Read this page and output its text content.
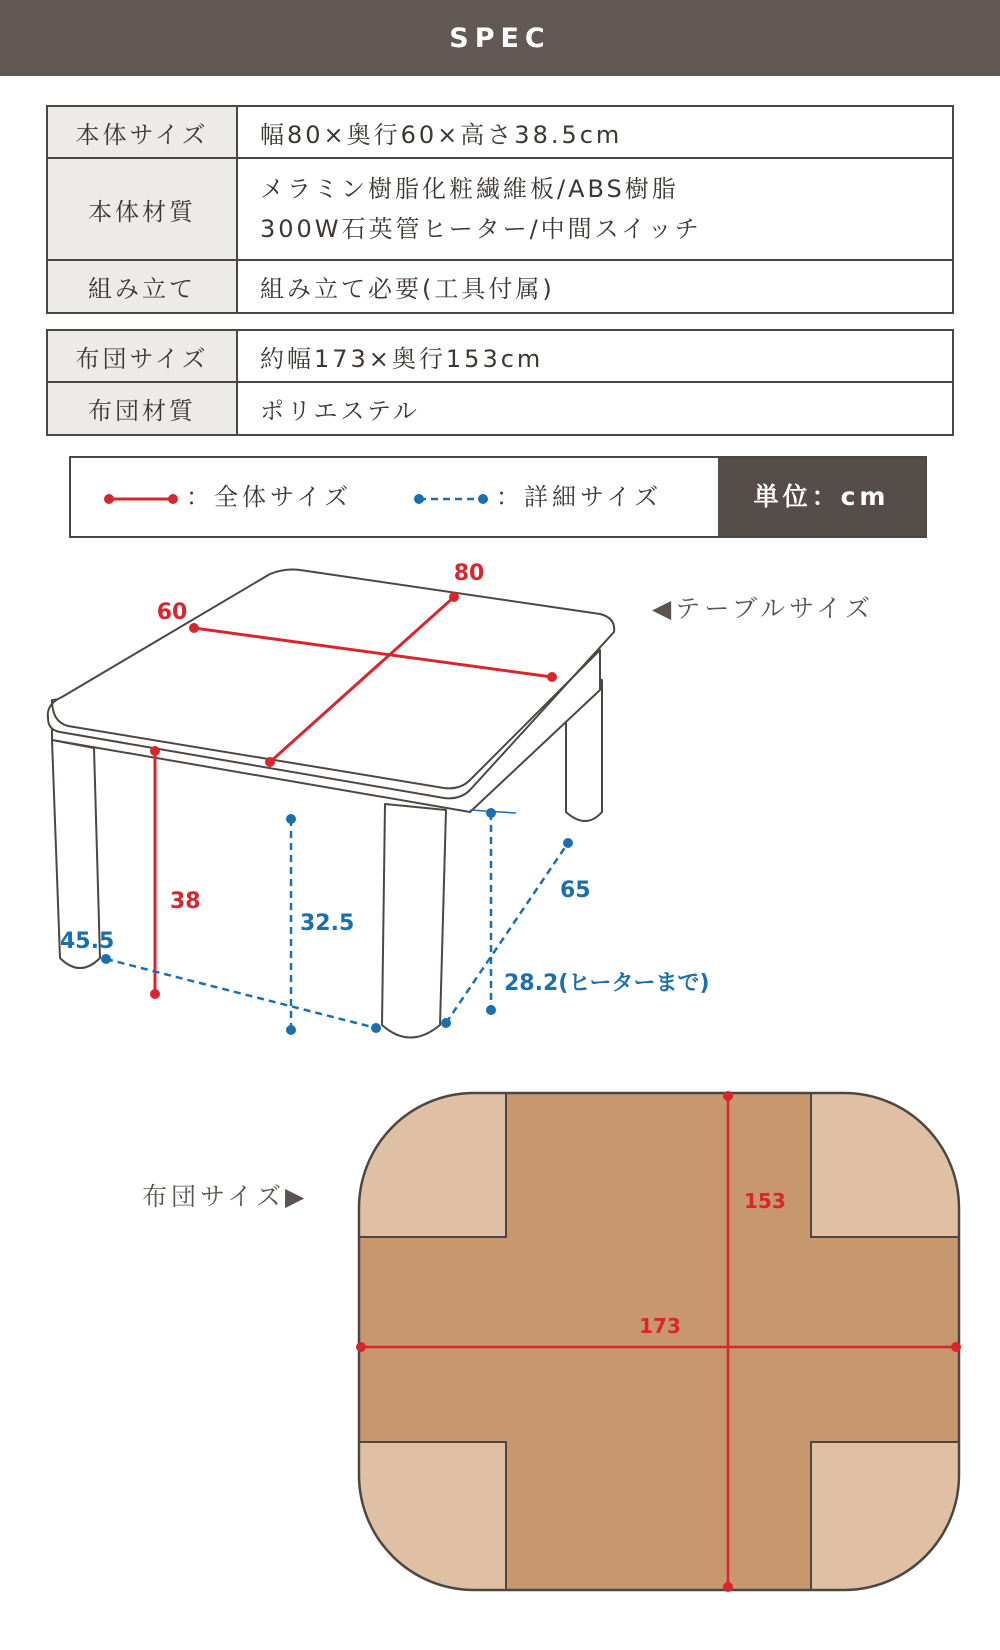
SPEC
本体サイズ	幅80×奥行60×高さ38.5cm
本体材質	メラミン樹脂化粧繊維板/ABS樹脂
300W石英管ヒーター/中間スイッチ

組み立て	組み立て必要(工具付属)
布団サイズ	約幅173×奥行153cm
布団材質	ポリエステル
：全体サイズ	：詳細サイズ	単位：cm
60
80
38
32.5
45.5
65
28.2(ヒーターまで)
◀テーブルサイズ
153
173
布団サイズ▶
